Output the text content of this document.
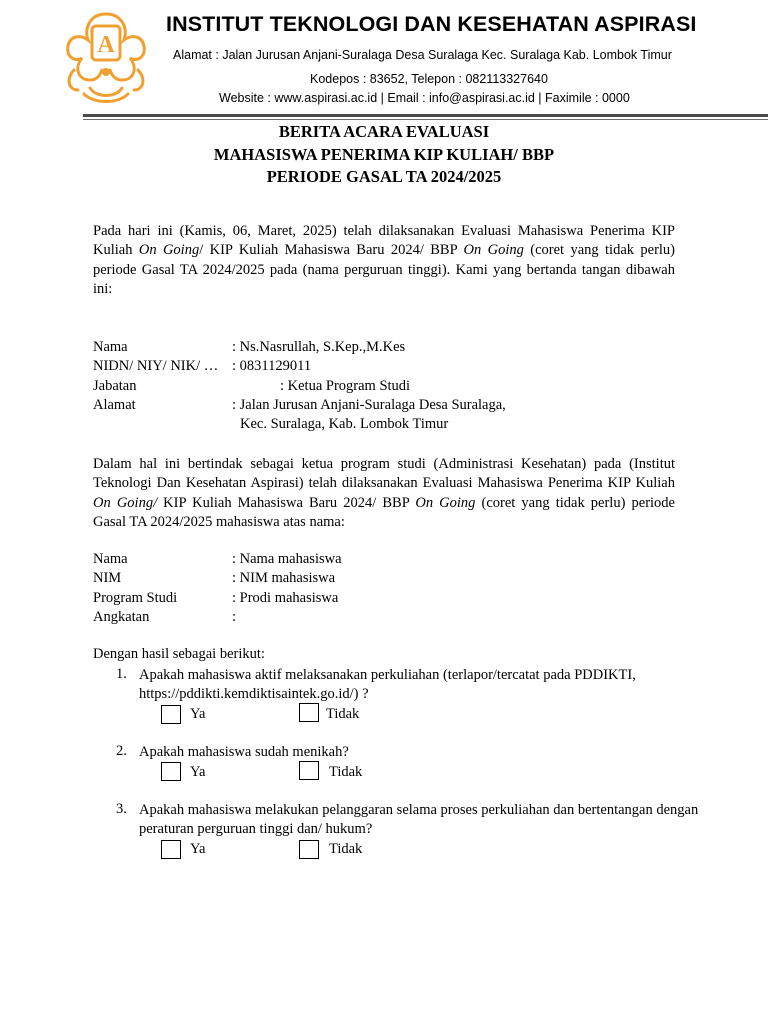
A
INSTITUT TEKNOLOGI DAN KESEHATAN ASPIRASI
Alamat : Jalan Jurusan Anjani-Suralaga Desa Suralaga Kec. Suralaga Kab. Lombok Timur
Kodepos : 83652, Telepon : 082113327640
Website : www.aspirasi.ac.id | Email : info@aspirasi.ac.id | Faximile : 0000
BERITA ACARA EVALUASI
MAHASISWA PENERIMA KIP KULIAH/ BBP
PERIODE GASAL TA 2024/2025
Pada hari ini (Kamis, 06, Maret, 2025) telah dilaksanakan Evaluasi Mahasiswa Penerima KIP Kuliah On Going/ KIP Kuliah Mahasiswa Baru 2024/ BBP On Going (coret yang tidak perlu) periode Gasal TA 2024/2025 pada (nama perguruan tinggi). Kami yang bertanda tangan dibawah ini:
Nama	: Ns.Nasrullah, S.Kep.,M.Kes
NIDN/ NIY/ NIK/ … : 0831129011
Jabatan	: Ketua Program Studi
Alamat	: Jalan Jurusan Anjani-Suralaga Desa Suralaga,
Kec. Suralaga, Kab. Lombok Timur
Dalam hal ini bertindak sebagai ketua program studi (Administrasi Kesehatan) pada (Institut Teknologi Dan Kesehatan Aspirasi) telah dilaksanakan Evaluasi Mahasiswa Penerima KIP Kuliah On Going/ KIP Kuliah Mahasiswa Baru 2024/ BBP On Going (coret yang tidak perlu) periode Gasal TA 2024/2025 mahasiswa atas nama:
Nama	: Nama mahasiswa
NIM	: NIM mahasiswa
Program Studi	: Prodi mahasiswa
Angkatan	:
Dengan hasil sebagai berikut:
1. Apakah mahasiswa aktif melaksanakan perkuliahan (terlapor/tercatat pada PDDIKTI, https://pddikti.kemdiktisaintek.go.id/) ?
Ya	Tidak
2. Apakah mahasiswa sudah menikah?
Ya	Tidak
3. Apakah mahasiswa melakukan pelanggaran selama proses perkuliahan dan bertentangan dengan peraturan perguruan tinggi dan/ hukum?
Ya	Tidak
